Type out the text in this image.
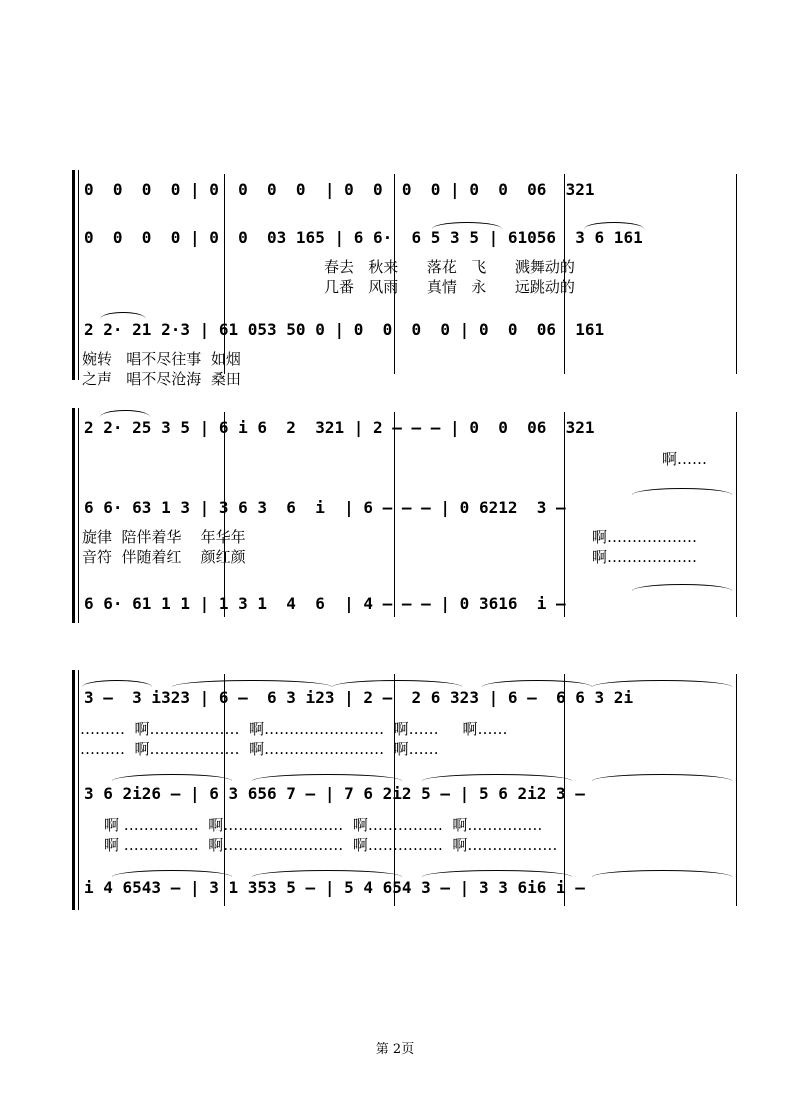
0  0  0  0 | 0  0  0  0  | 0  0  0  0 | 0  0  06  321
0  0  0  0 | 0  0  03 165 | 6 6·  6 5 3 5 | 61056  3 6 161
春去   秋来      落花   飞      溅舞动的
几番   风雨      真情   永      远跳动的
2 2· 21 2·3 | 61 053 50 0 | 0  0  0  0 | 0  0  06  161
婉转   唱不尽往事  如烟
之声   唱不尽沧海  桑田
2 2· 25 3 5 | 6 i 6  2  321 | 2 — — — | 0  0  06  321
啊……
6 6· 63 1 3 | 3 6 3  6  i  | 6 — — — | 0 6212  3 —
旋律  陪伴着华    年华年
音符  伴随着红    颜红颜
啊………………
啊………………
6 6· 61 1 1 | 1 3 1  4  6  | 4 — — — | 0 3616  i —
3 —  3 i323 | 6 —  6 3 i23 | 2 —  2 6 323 | 6 —  6 6 3 2i
………  啊………………  啊……………………  啊……     啊……
………  啊………………  啊……………………  啊……
3 6 2i26 — | 6 3 656 7 — | 7 6 2i2 5 — | 5 6 2i2 3 —
啊 ……………  啊……………………  啊……………  啊……………
啊 ……………  啊……………………  啊……………  啊………………
i 4 6543 — | 3 1 353 5 — | 5 4 654 3 — | 3 3 6i6 i —
第 2页
